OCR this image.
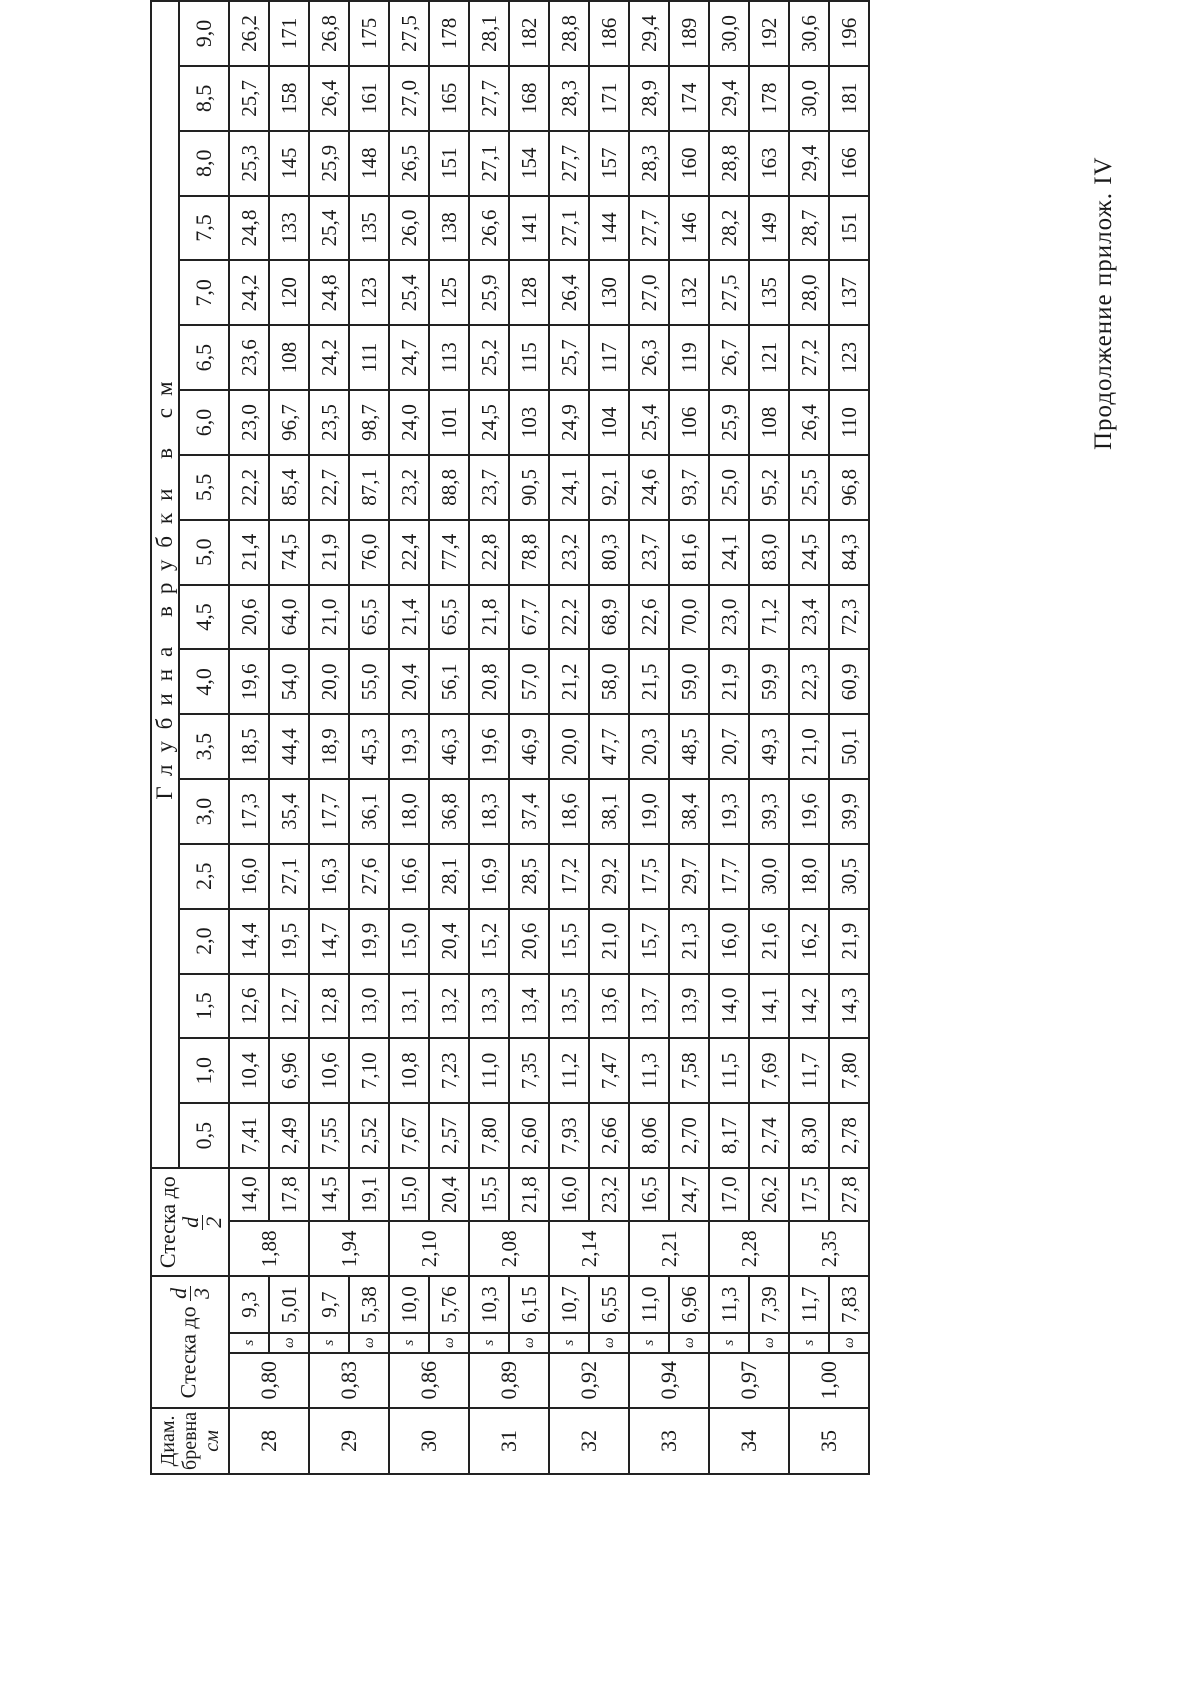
Продолжение прилож. IV
Диам. бревна
см	Стеска до
d
3			Стеска до
d
2		Глубина врубки в см																	
						0,5	1,0	1,5	2,0	2,5	3,0	3,5	4,0	4,5	5,0	5,5	6,0	6,5	7,0	7,5	8,0	8,5	9,0
28	0,80	s	9,3	1,88	14,0	7,41	10,4	12,6	14,4	16,0	17,3	18,5	19,6	20,6	21,4	22,2	23,0	23,6	24,2	24,8	25,3	25,7	26,2
		ω	5,01		17,8	2,49	6,96	12,7	19,5	27,1	35,4	44,4	54,0	64,0	74,5	85,4	96,7	108	120	133	145	158	171
29	0,83	s	9,7	1,94	14,5	7,55	10,6	12,8	14,7	16,3	17,7	18,9	20,0	21,0	21,9	22,7	23,5	24,2	24,8	25,4	25,9	26,4	26,8
		ω	5,38		19,1	2,52	7,10	13,0	19,9	27,6	36,1	45,3	55,0	65,5	76,0	87,1	98,7	111	123	135	148	161	175
30	0,86	s	10,0	2,10	15,0	7,67	10,8	13,1	15,0	16,6	18,0	19,3	20,4	21,4	22,4	23,2	24,0	24,7	25,4	26,0	26,5	27,0	27,5
		ω	5,76		20,4	2,57	7,23	13,2	20,4	28,1	36,8	46,3	56,1	65,5	77,4	88,8	101	113	125	138	151	165	178
31	0,89	s	10,3	2,08	15,5	7,80	11,0	13,3	15,2	16,9	18,3	19,6	20,8	21,8	22,8	23,7	24,5	25,2	25,9	26,6	27,1	27,7	28,1
		ω	6,15		21,8	2,60	7,35	13,4	20,6	28,5	37,4	46,9	57,0	67,7	78,8	90,5	103	115	128	141	154	168	182
32	0,92	s	10,7	2,14	16,0	7,93	11,2	13,5	15,5	17,2	18,6	20,0	21,2	22,2	23,2	24,1	24,9	25,7	26,4	27,1	27,7	28,3	28,8
		ω	6,55		23,2	2,66	7,47	13,6	21,0	29,2	38,1	47,7	58,0	68,9	80,3	92,1	104	117	130	144	157	171	186
33	0,94	s	11,0	2,21	16,5	8,06	11,3	13,7	15,7	17,5	19,0	20,3	21,5	22,6	23,7	24,6	25,4	26,3	27,0	27,7	28,3	28,9	29,4
		ω	6,96		24,7	2,70	7,58	13,9	21,3	29,7	38,4	48,5	59,0	70,0	81,6	93,7	106	119	132	146	160	174	189
34	0,97	s	11,3	2,28	17,0	8,17	11,5	14,0	16,0	17,7	19,3	20,7	21,9	23,0	24,1	25,0	25,9	26,7	27,5	28,2	28,8	29,4	30,0
		ω	7,39		26,2	2,74	7,69	14,1	21,6	30,0	39,3	49,3	59,9	71,2	83,0	95,2	108	121	135	149	163	178	192
35	1,00	s	11,7	2,35	17,5	8,30	11,7	14,2	16,2	18,0	19,6	21,0	22,3	23,4	24,5	25,5	26,4	27,2	28,0	28,7	29,4	30,0	30,6
		ω	7,83		27,8	2,78	7,80	14,3	21,9	30,5	39,9	50,1	60,9	72,3	84,3	96,8	110	123	137	151	166	181	196
